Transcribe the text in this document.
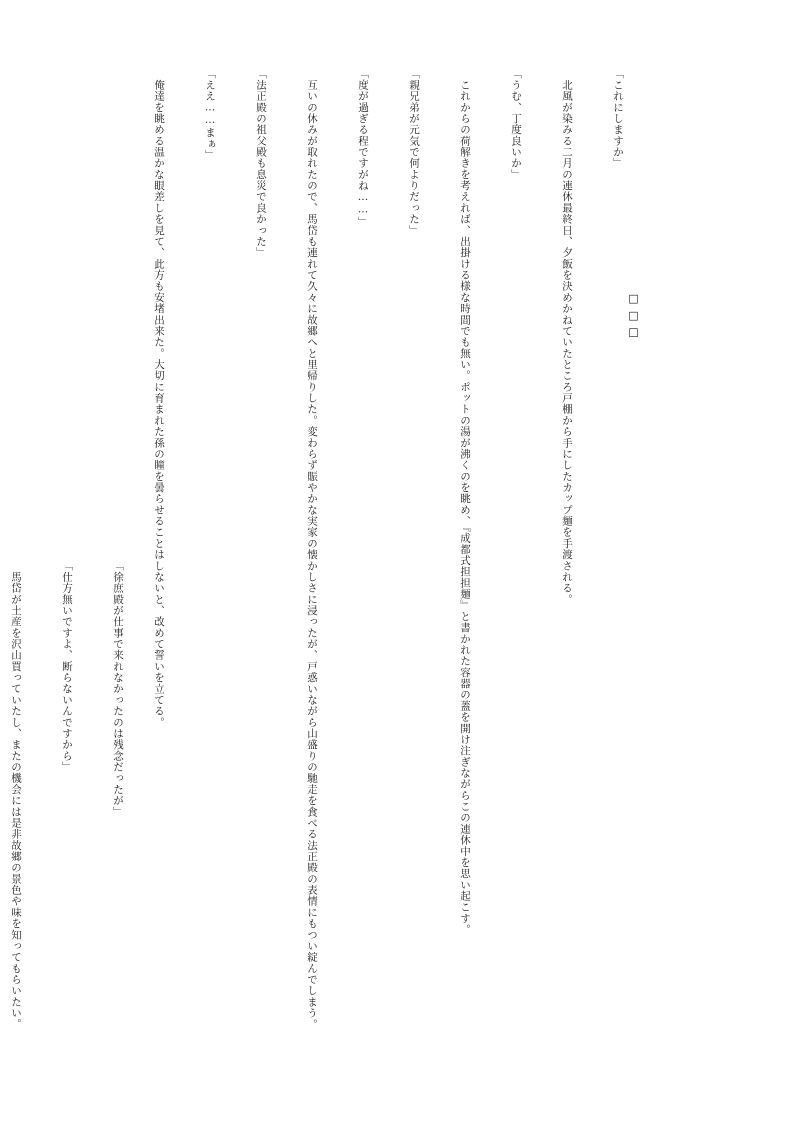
□□□

「これにしますか」

　北風が染みる二月の連休最終日、夕飯を決めかねていたところ戸棚から手にしたカップ麺を手渡される。

「うむ、丁度良いか」

　これからの荷解きを考えれば、出掛ける様な時間でも無い。ポットの湯が沸くのを眺め、『成都式担担麺』と書かれた容器の蓋を開け注ぎながらこの連休中を思い起こす。

「親兄弟が元気で何よりだった」

「度が過ぎる程ですがね……」

　互いの休みが取れたので、馬岱も連れて久々に故郷へと里帰りした。変わらず賑やかな実家の懐かしさに浸ったが、戸惑いながら山盛りの馳走を食べる法正殿の表情にもつい綻んでしまう。

「法正殿の祖父殿も息災で良かった」

「ええ……まぁ」

　俺達を眺める温かな眼差しを見て、此方も安堵出来た。大切に育まれた孫の瞳を曇らせることはしないと、改めて誓いを立てる。

「徐庶殿が仕事で来れなかったのは残念だったが」

「仕方無いですよ、断らないんですから」

　馬岱が土産を沢山買っていたし、またの機会には是非故郷の景色や味を知ってもらいたい。
